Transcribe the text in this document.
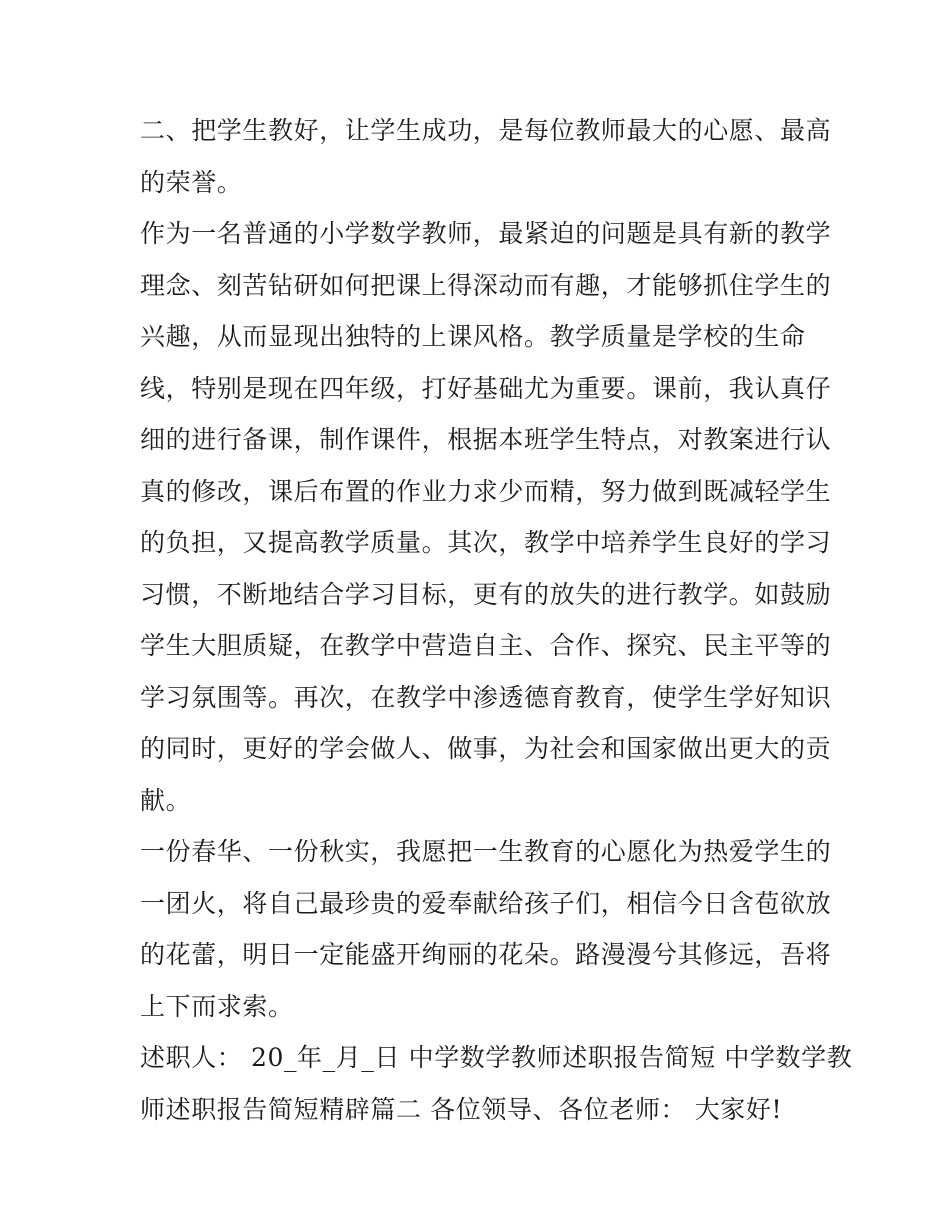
二、把学生教好，让学生成功，是每位教师最大的心愿、最高
的荣誉。
作为一名普通的小学数学教师，最紧迫的问题是具有新的教学
理念、刻苦钻研如何把课上得深动而有趣，才能够抓住学生的
兴趣，从而显现出独特的上课风格。教学质量是学校的生命
线，特别是现在四年级，打好基础尤为重要。课前，我认真仔
细的进行备课，制作课件，根据本班学生特点，对教案进行认
真的修改，课后布置的作业力求少而精，努力做到既减轻学生
的负担，又提高教学质量。其次，教学中培养学生良好的学习
习惯，不断地结合学习目标，更有的放失的进行教学。如鼓励
学生大胆质疑，在教学中营造自主、合作、探究、民主平等的
学习氛围等。再次，在教学中渗透德育教育，使学生学好知识
的同时，更好的学会做人、做事，为社会和国家做出更大的贡
献。
一份春华、一份秋实，我愿把一生教育的心愿化为热爱学生的
一团火，将自己最珍贵的爱奉献给孩子们，相信今日含苞欲放
的花蕾，明日一定能盛开绚丽的花朵。路漫漫兮其修远，吾将
上下而求索。
述职人： 20_年_月_日 中学数学教师述职报告简短 中学数学教
师述职报告简短精辟篇二 各位领导、各位老师： 大家好!
